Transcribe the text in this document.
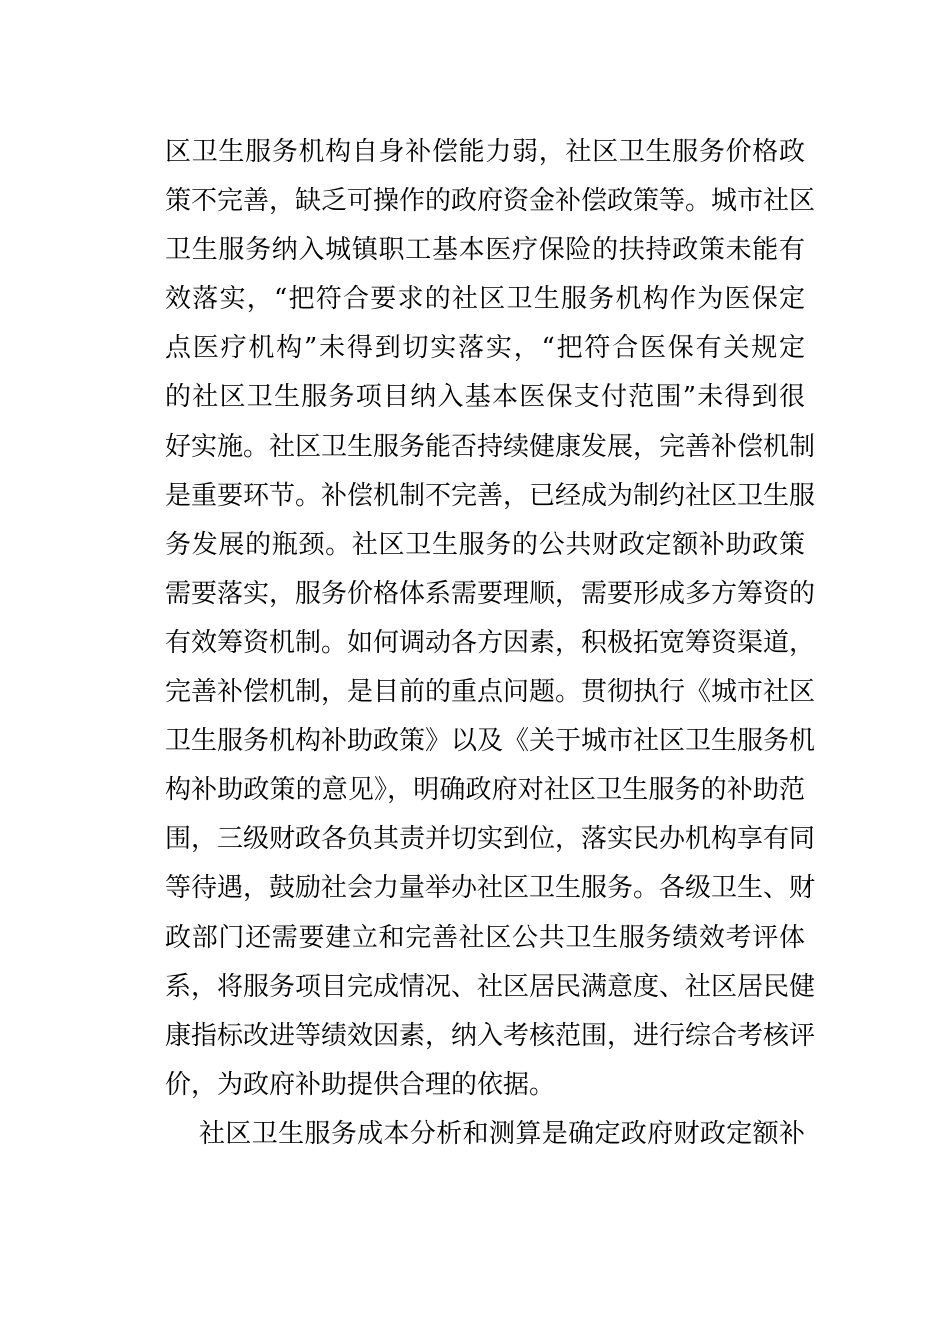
区卫生服务机构自身补偿能力弱，社区卫生服务价格政
策不完善，缺乏可操作的政府资金补偿政策等。城市社区
卫生服务纳入城镇职工基本医疗保险的扶持政策未能有
效落实，“把符合要求的社区卫生服务机构作为医保定
点医疗机构”未得到切实落实，“把符合医保有关规定
的社区卫生服务项目纳入基本医保支付范围”未得到很
好实施。社区卫生服务能否持续健康发展，完善补偿机制
是重要环节。补偿机制不完善，已经成为制约社区卫生服
务发展的瓶颈。社区卫生服务的公共财政定额补助政策
需要落实，服务价格体系需要理顺，需要形成多方筹资的
有效筹资机制。如何调动各方因素，积极拓宽筹资渠道，
完善补偿机制，是目前的重点问题。贯彻执行《城市社区
卫生服务机构补助政策》以及《关于城市社区卫生服务机
构补助政策的意见》，明确政府对社区卫生服务的补助范
围，三级财政各负其责并切实到位，落实民办机构享有同
等待遇，鼓励社会力量举办社区卫生服务。各级卫生、财
政部门还需要建立和完善社区公共卫生服务绩效考评体
系，将服务项目完成情况、社区居民满意度、社区居民健
康指标改进等绩效因素，纳入考核范围，进行综合考核评
价，为政府补助提供合理的依据。
社区卫生服务成本分析和测算是确定政府财政定额补
